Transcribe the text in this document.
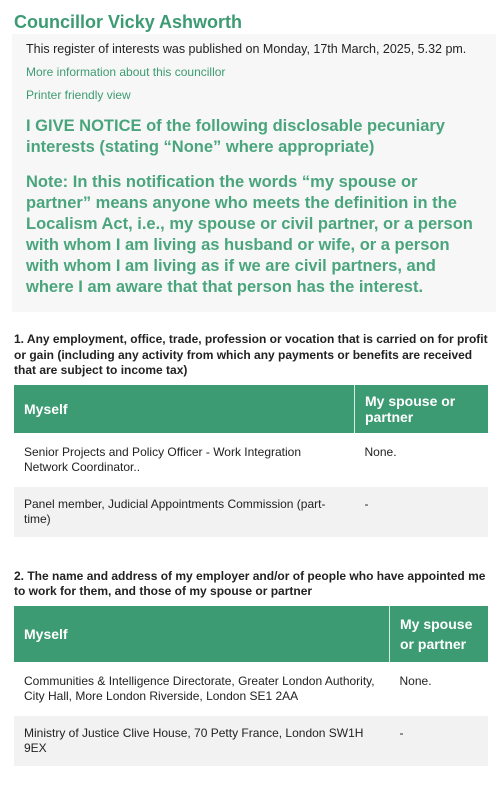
Councillor Vicky Ashworth

This register of interests was published on Monday, 17th March, 2025, 5.32 pm.

More information about this councillor
Printer friendly view

I GIVE NOTICE of the following disclosable pecuniary interests (stating “None” where appropriate)

Note: In this notification the words “my spouse or partner” means anyone who meets the definition in the Localism Act, i.e., my spouse or civil partner, or a person with whom I am living as husband or wife, or a person with whom I am living as if we are civil partners, and where I am aware that that person has the interest.

1. Any employment, office, trade, profession or vocation that is carried on for profit or gain (including any activity from which any payments or benefits are received that are subject to income tax)

Myself	My spouse or partner
Senior Projects and Policy Officer - Work Integration Network Coordinator..	None.
Panel member, Judicial Appointments Commission (part-time)	-

2. The name and address of my employer and/or of people who have appointed me to work for them, and those of my spouse or partner

Myself	My spouse or partner
Communities & Intelligence Directorate, Greater London Authority, City Hall, More London Riverside, London SE1 2AA	None.
Ministry of Justice Clive House, 70 Petty France, London SW1H 9EX	-
